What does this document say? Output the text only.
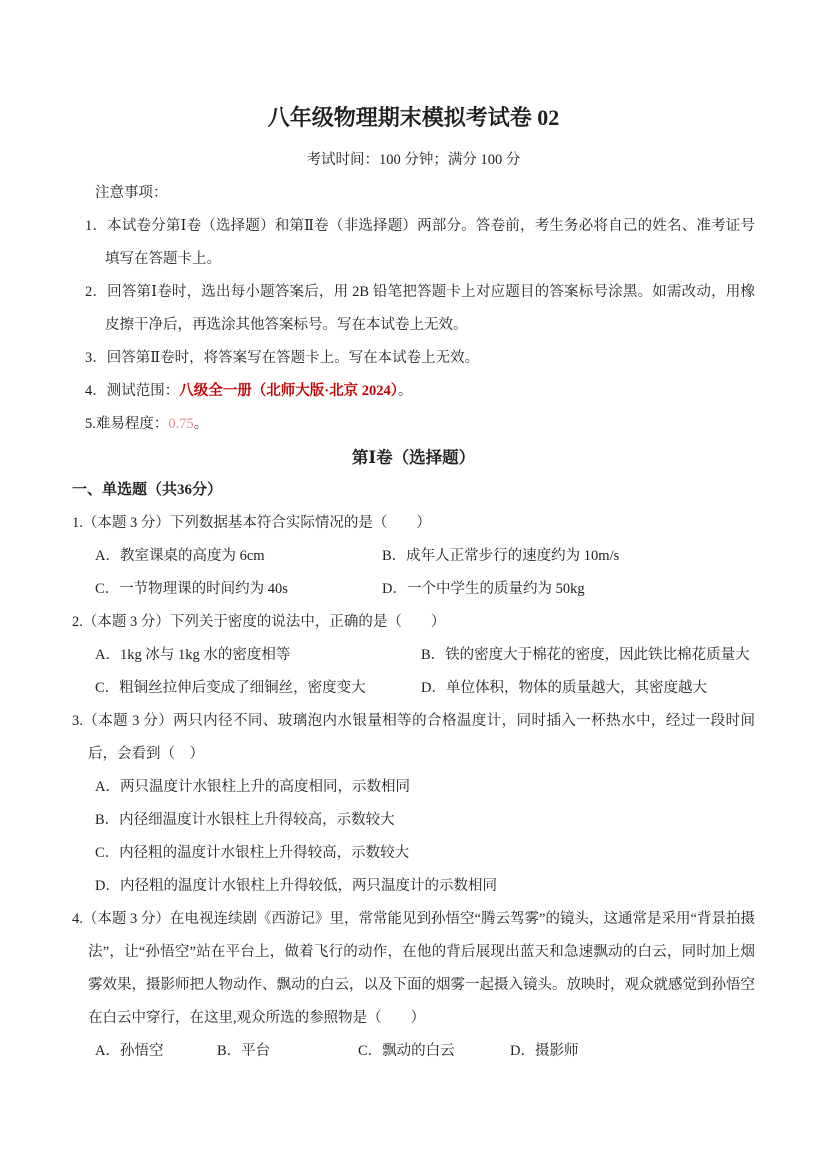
八年级物理期末模拟考试卷 02
考试时间：100 分钟；满分 100 分
注意事项：
1．本试卷分第Ⅰ卷（选择题）和第Ⅱ卷（非选择题）两部分。答卷前，考生务必将自己的姓名、准考证号填写在答题卡上。
2．回答第Ⅰ卷时，选出每小题答案后，用 2B 铅笔把答题卡上对应题目的答案标号涂黑。如需改动，用橡皮擦干净后，再选涂其他答案标号。写在本试卷上无效。
3．回答第Ⅱ卷时，将答案写在答题卡上。写在本试卷上无效。
4．测试范围：八级全一册（北师大版·北京 2024）。
5.难易程度：0.75。
第Ⅰ卷（选择题）
一、单选题（共36分）
1.（本题 3 分）下列数据基本符合实际情况的是（　　）
A．教室课桌的高度为 6cm	B．成年人正常步行的速度约为 10m/s
C．一节物理课的时间约为 40s	D．一个中学生的质量约为 50kg
2.（本题 3 分）下列关于密度的说法中，正确的是（　　）
A．1kg 冰与 1kg 水的密度相等	B．铁的密度大于棉花的密度，因此铁比棉花质量大
C．粗铜丝拉伸后变成了细铜丝，密度变大	D．单位体积，物体的质量越大，其密度越大
3.（本题 3 分）两只内径不同、玻璃泡内水银量相等的合格温度计，同时插入一杯热水中，经过一段时间后，会看到（　）
A．两只温度计水银柱上升的高度相同，示数相同
B．内径细温度计水银柱上升得较高，示数较大
C．内径粗的温度计水银柱上升得较高，示数较大
D．内径粗的温度计水银柱上升得较低，两只温度计的示数相同
4.（本题 3 分）在电视连续剧《西游记》里，常常能见到孙悟空“腾云驾雾”的镜头，这通常是采用“背景拍摄法”，让“孙悟空”站在平台上，做着飞行的动作，在他的背后展现出蓝天和急速飘动的白云，同时加上烟雾效果，摄影师把人物动作、飘动的白云，以及下面的烟雾一起摄入镜头。放映时，观众就感觉到孙悟空在白云中穿行，在这里,观众所选的参照物是（　　）
A．孙悟空	B．平台	C．飘动的白云	D．摄影师
